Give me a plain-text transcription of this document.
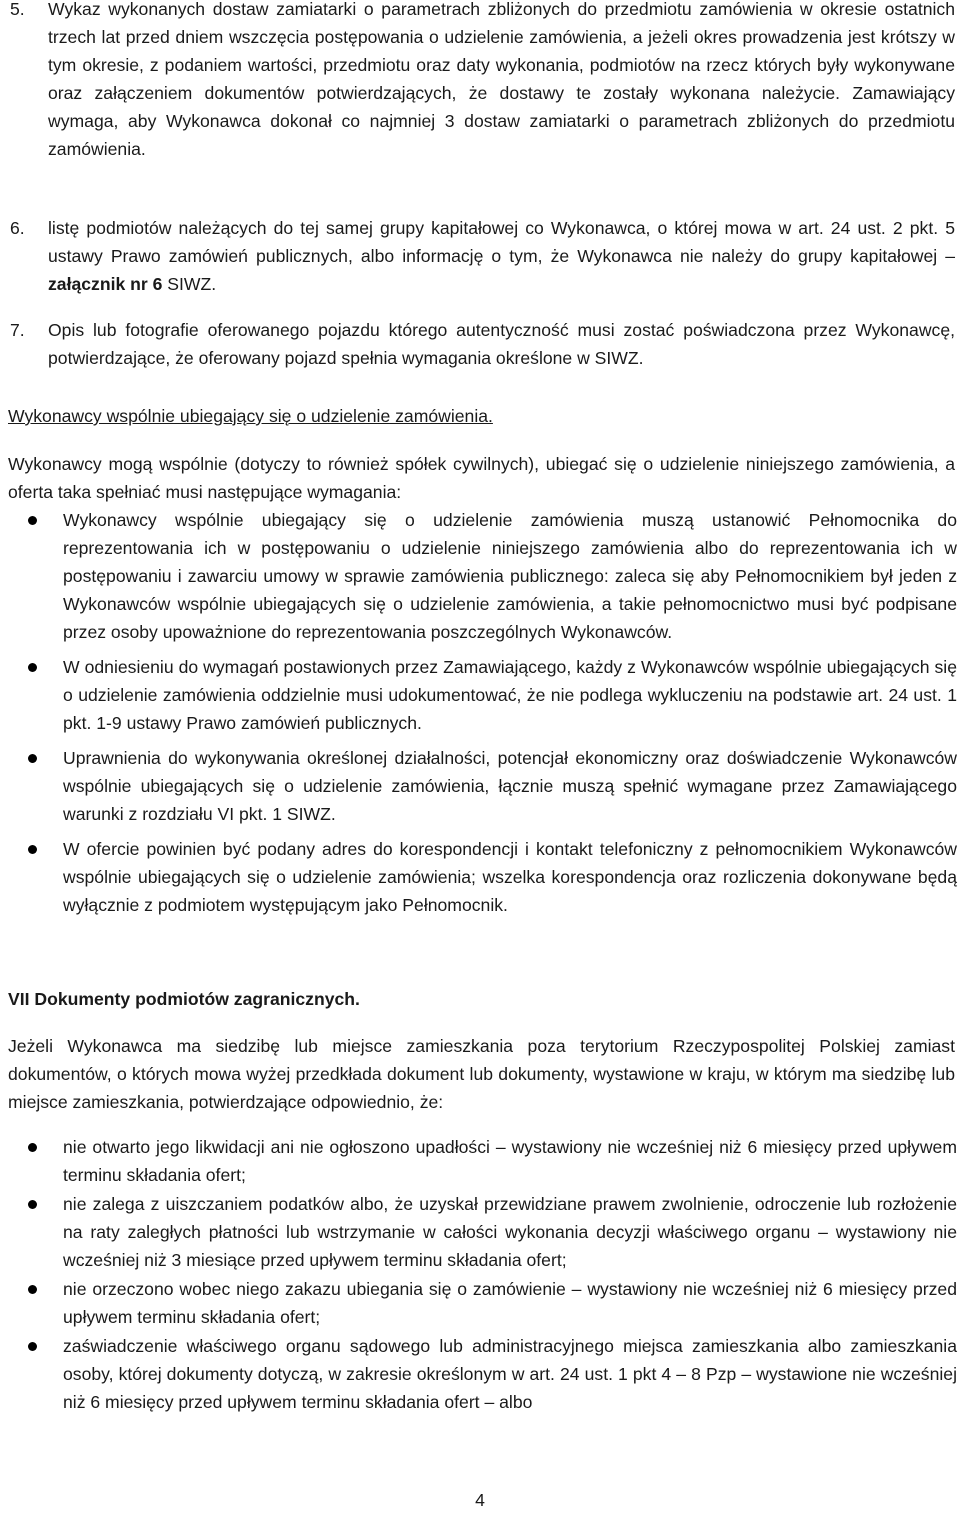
5.	Wykaz wykonanych dostaw zamiatarki o parametrach zbliżonych do przedmiotu zamówienia w okresie ostatnich trzech lat przed dniem wszczęcia postępowania o udzielenie zamówienia, a jeżeli okres prowadzenia jest krótszy w tym okresie, z podaniem wartości, przedmiotu oraz daty wykonania, podmiotów na rzecz których były wykonywane oraz załączeniem dokumentów potwierdzających, że dostawy te zostały wykonana należycie. Zamawiający wymaga, aby Wykonawca dokonał co najmniej 3 dostaw zamiatarki o parametrach zbliżonych do przedmiotu zamówienia.
6.	listę podmiotów należących do tej samej grupy kapitałowej co Wykonawca, o której mowa w art. 24 ust. 2 pkt. 5 ustawy Prawo zamówień publicznych, albo informację o tym, że Wykonawca nie należy do grupy kapitałowej – załącznik nr 6 SIWZ.
7.	Opis lub fotografie oferowanego pojazdu którego autentyczność musi zostać poświadczona przez Wykonawcę, potwierdzające, że oferowany pojazd spełnia wymagania określone w SIWZ.
Wykonawcy wspólnie ubiegający się o udzielenie zamówienia.
Wykonawcy mogą wspólnie (dotyczy to również spółek cywilnych), ubiegać się o udzielenie niniejszego zamówienia, a oferta taka spełniać musi następujące wymagania:
Wykonawcy wspólnie ubiegający się o udzielenie zamówienia muszą ustanowić Pełnomocnika do reprezentowania ich w postępowaniu o udzielenie niniejszego zamówienia albo do reprezentowania ich w postępowaniu i zawarciu umowy w sprawie zamówienia publicznego: zaleca się aby Pełnomocnikiem był jeden z Wykonawców wspólnie ubiegających się o udzielenie zamówienia, a takie pełnomocnictwo musi być podpisane przez osoby upoważnione do reprezentowania poszczególnych Wykonawców.
W odniesieniu do wymagań postawionych przez Zamawiającego, każdy z Wykonawców wspólnie ubiegających się o udzielenie zamówienia oddzielnie musi udokumentować, że nie podlega wykluczeniu na podstawie art. 24 ust. 1 pkt. 1-9 ustawy Prawo zamówień publicznych.
Uprawnienia do wykonywania określonej działalności, potencjał ekonomiczny oraz doświadczenie Wykonawców wspólnie ubiegających się o udzielenie zamówienia, łącznie muszą spełnić wymagane przez Zamawiającego warunki z rozdziału VI pkt. 1 SIWZ.
W ofercie powinien być podany adres do korespondencji i kontakt telefoniczny z pełnomocnikiem Wykonawców wspólnie ubiegających się o udzielenie zamówienia; wszelka korespondencja oraz rozliczenia dokonywane będą wyłącznie z podmiotem występującym jako Pełnomocnik.
VII Dokumenty podmiotów zagranicznych.
Jeżeli Wykonawca ma siedzibę lub miejsce zamieszkania poza terytorium Rzeczypospolitej Polskiej zamiast dokumentów, o których mowa wyżej przedkłada dokument lub dokumenty, wystawione w kraju, w którym ma siedzibę lub miejsce zamieszkania, potwierdzające odpowiednio, że:
nie otwarto jego likwidacji ani nie ogłoszono upadłości – wystawiony nie wcześniej niż 6 miesięcy przed upływem terminu składania ofert;
nie zalega z uiszczaniem podatków albo, że uzyskał przewidziane prawem zwolnienie, odroczenie lub rozłożenie na raty zaległych płatności lub wstrzymanie w całości wykonania decyzji właściwego organu – wystawiony nie wcześniej niż 3 miesiące przed upływem terminu składania ofert;
nie orzeczono wobec niego zakazu ubiegania się o zamówienie – wystawiony nie wcześniej niż 6 miesięcy przed upływem terminu składania ofert;
zaświadczenie właściwego organu sądowego lub administracyjnego miejsca zamieszkania albo zamieszkania osoby, której dokumenty dotyczą, w zakresie określonym w art. 24 ust. 1 pkt 4 – 8 Pzp – wystawione nie wcześniej niż 6 miesięcy przed upływem terminu składania ofert – albo
4
